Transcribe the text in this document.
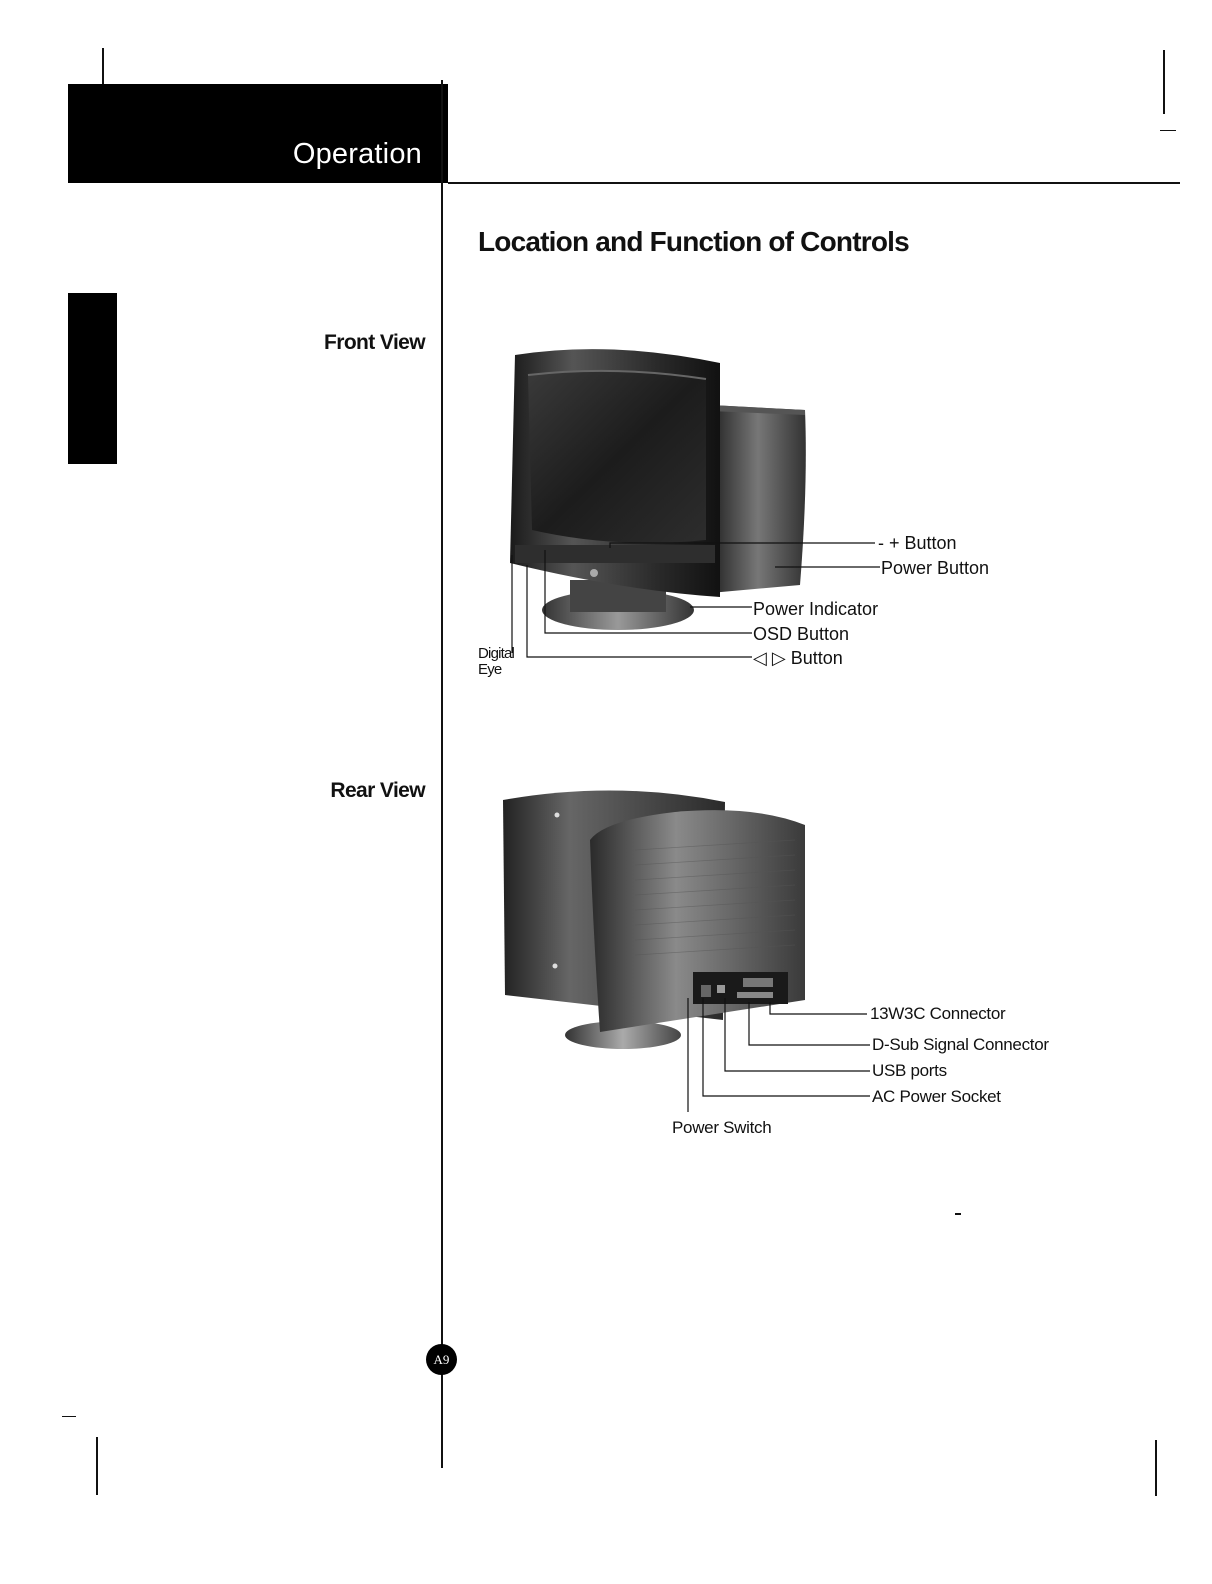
Operation
Location and Function of Controls
Front View
Rear View
- + Button
Power Button
Power Indicator
OSD Button
◁ ▷ Button
Digital
Eye
13W3C Connector
D-Sub Signal Connector
USB ports
AC Power Socket
Power Switch
A9
